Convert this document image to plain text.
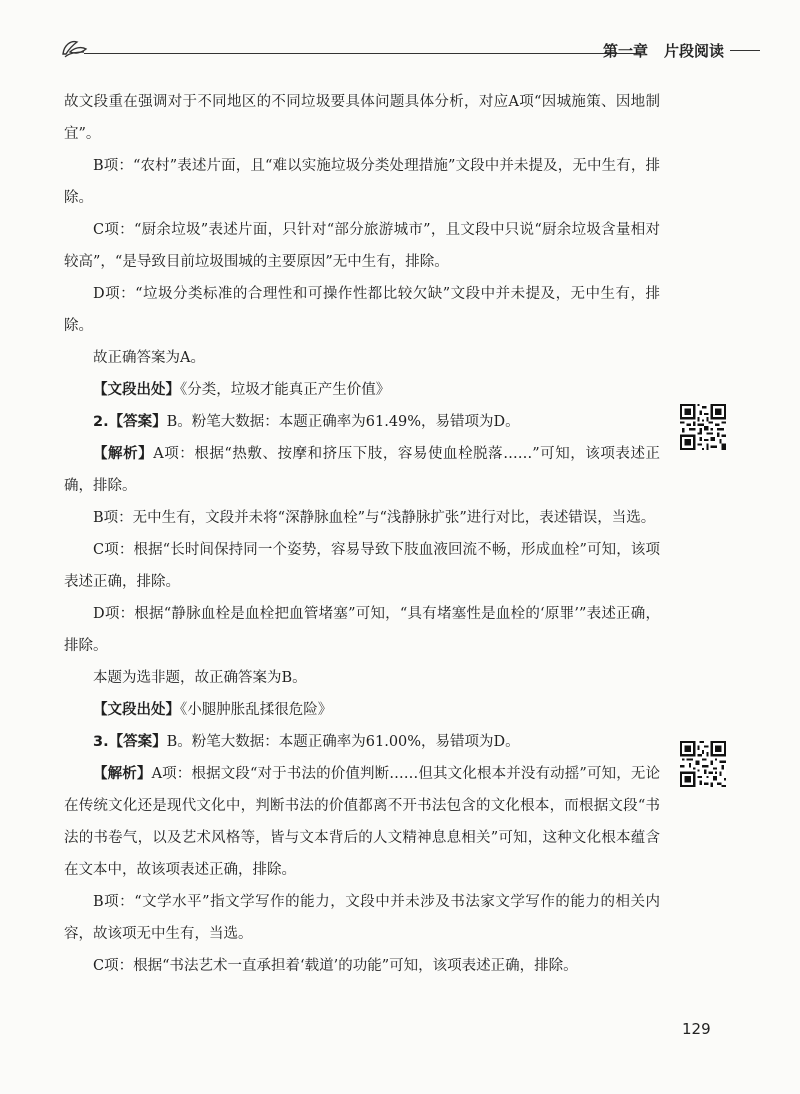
第一章 片段阅读

故文段重在强调对于不同地区的不同垃圾要具体问题具体分析，对应A项“因城施策、因地制宜”。

B项：“农村”表述片面，且“难以实施垃圾分类处理措施”文段中并未提及，无中生有，排除。

C项：“厨余垃圾”表述片面，只针对“部分旅游城市”，且文段中只说“厨余垃圾含量相对较高”，“是导致目前垃圾围城的主要原因”无中生有，排除。

D项：“垃圾分类标准的合理性和可操作性都比较欠缺”文段中并未提及，无中生有，排除。

故正确答案为A。

【文段出处】《分类，垃圾才能真正产生价值》

2.【答案】B。粉笔大数据：本题正确率为61.49%，易错项为D。

【解析】A项：根据“热敷、按摩和挤压下肢，容易使血栓脱落……”可知，该项表述正确，排除。

B项：无中生有，文段并未将“深静脉血栓”与“浅静脉扩张”进行对比，表述错误，当选。

C项：根据“长时间保持同一个姿势，容易导致下肢血液回流不畅，形成血栓”可知，该项表述正确，排除。

D项：根据“静脉血栓是血栓把血管堵塞”可知，“具有堵塞性是血栓的‘原罪’”表述正确，排除。

本题为选非题，故正确答案为B。

【文段出处】《小腿肿胀乱揉很危险》

3.【答案】B。粉笔大数据：本题正确率为61.00%，易错项为D。

【解析】A项：根据文段“对于书法的价值判断……但其文化根本并没有动摇”可知，无论在传统文化还是现代文化中，判断书法的价值都离不开书法包含的文化根本，而根据文段“书法的书卷气，以及艺术风格等，皆与文本背后的人文精神息息相关”可知，这种文化根本蕴含在文本中，故该项表述正确，排除。

B项：“文学水平”指文学写作的能力，文段中并未涉及书法家文学写作的能力的相关内容，故该项无中生有，当选。

C项：根据“书法艺术一直承担着‘载道’的功能”可知，该项表述正确，排除。

129
